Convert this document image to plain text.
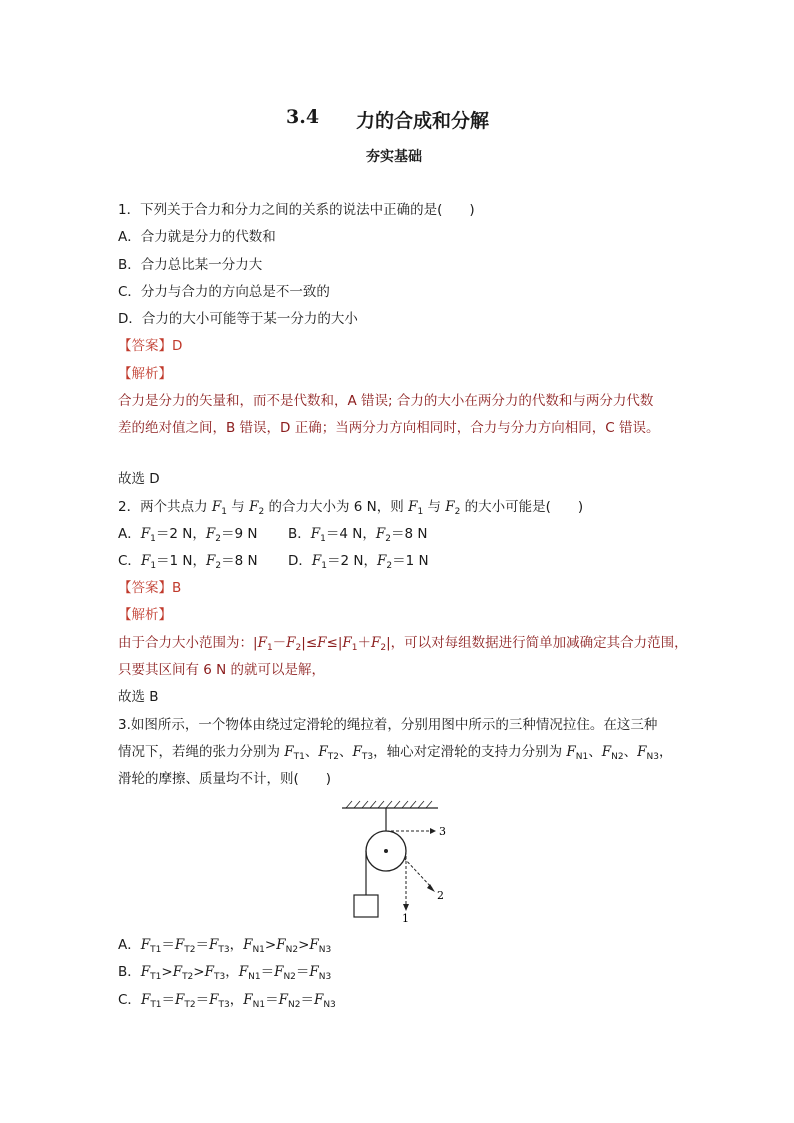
3.4 力的合成和分解
夯实基础
1．下列关于合力和分力之间的关系的说法中正确的是(　　)
A．合力就是分力的代数和
B．合力总比某一分力大
C．分力与合力的方向总是不一致的
D．合力的大小可能等于某一分力的大小
【答案】D
【解析】
合力是分力的矢量和，而不是代数和，A 错误; 合力的大小在两分力的代数和与两分力代数
差的绝对值之间，B 错误，D 正确；当两分力方向相同时，合力与分力方向相同，C 错误。
故选 D
2．两个共点力 $F_1$ 与 $F_2$ 的合力大小为 6 N，则 $F_1$ 与 $F_2$ 的大小可能是(　　)
A．$F_1=2$ N，$F_2=9$ N B．$F_1=4$ N，$F_2=8$ N
C．$F_1=1$ N，$F_2=8$ N D．$F_1=2$ N，$F_2=1$ N
【答案】B
【解析】
由于合力大小范围为：$|F_1-F_2|\le F\le|F_1+F_2|$，可以对每组数据进行简单加减确定其合力范围，
只要其区间有 6 N 的就可以是解，
故选 B
3.如图所示，一个物体由绕过定滑轮的绳拉着，分别用图中所示的三种情况拉住。在这三种
情况下，若绳的张力分别为 $F_{T1}$、$F_{T2}$、$F_{T3}$，轴心对定滑轮的支持力分别为 $F_{N1}$、$F_{N2}$、$F_{N3}$，
滑轮的摩擦、质量均不计，则(　　)
3
2
1
A．$F_{T1}=F_{T2}=F_{T3}$，$F_{N1}>F_{N2}>F_{N3}$
B．$F_{T1}>F_{T2}>F_{T3}$，$F_{N1}=F_{N2}=F_{N3}$
C．$F_{T1}=F_{T2}=F_{T3}$，$F_{N1}=F_{N2}=F_{N3}$
